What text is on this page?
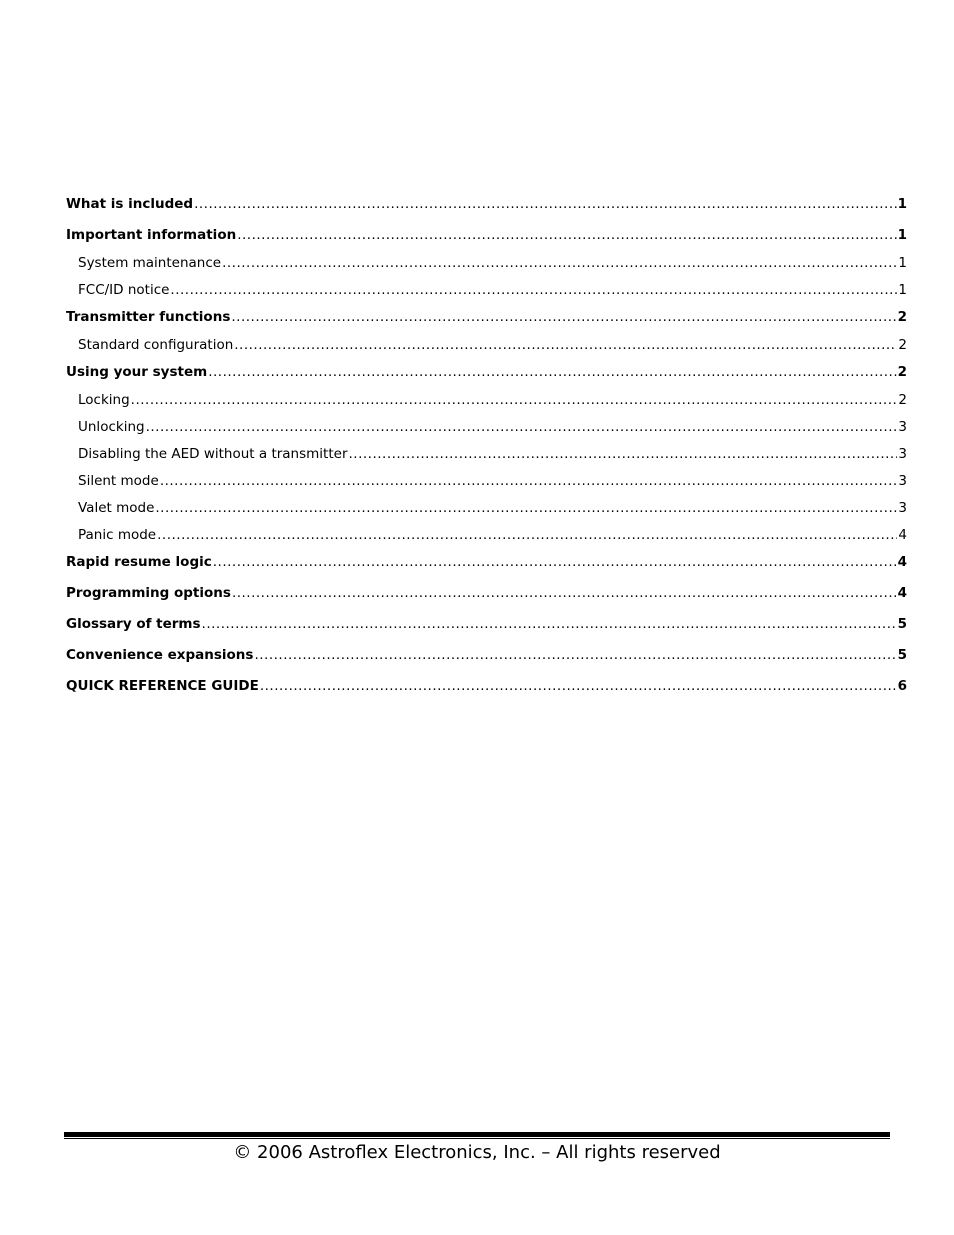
What is included .....	1
Important information .....	1
System maintenance .....	1
FCC/ID notice .....	1
Transmitter functions .....	2
Standard configuration .....	2
Using your system .....	2
Locking .....	2
Unlocking .....	3
Disabling the AED without a transmitter .....	3
Silent mode .....	3
Valet mode .....	3
Panic mode .....	4
Rapid resume logic .....	4
Programming options .....	4
Glossary of terms .....	5
Convenience expansions .....	5
QUICK REFERENCE GUIDE .....	6
© 2006 Astroflex Electronics, Inc. – All rights reserved
